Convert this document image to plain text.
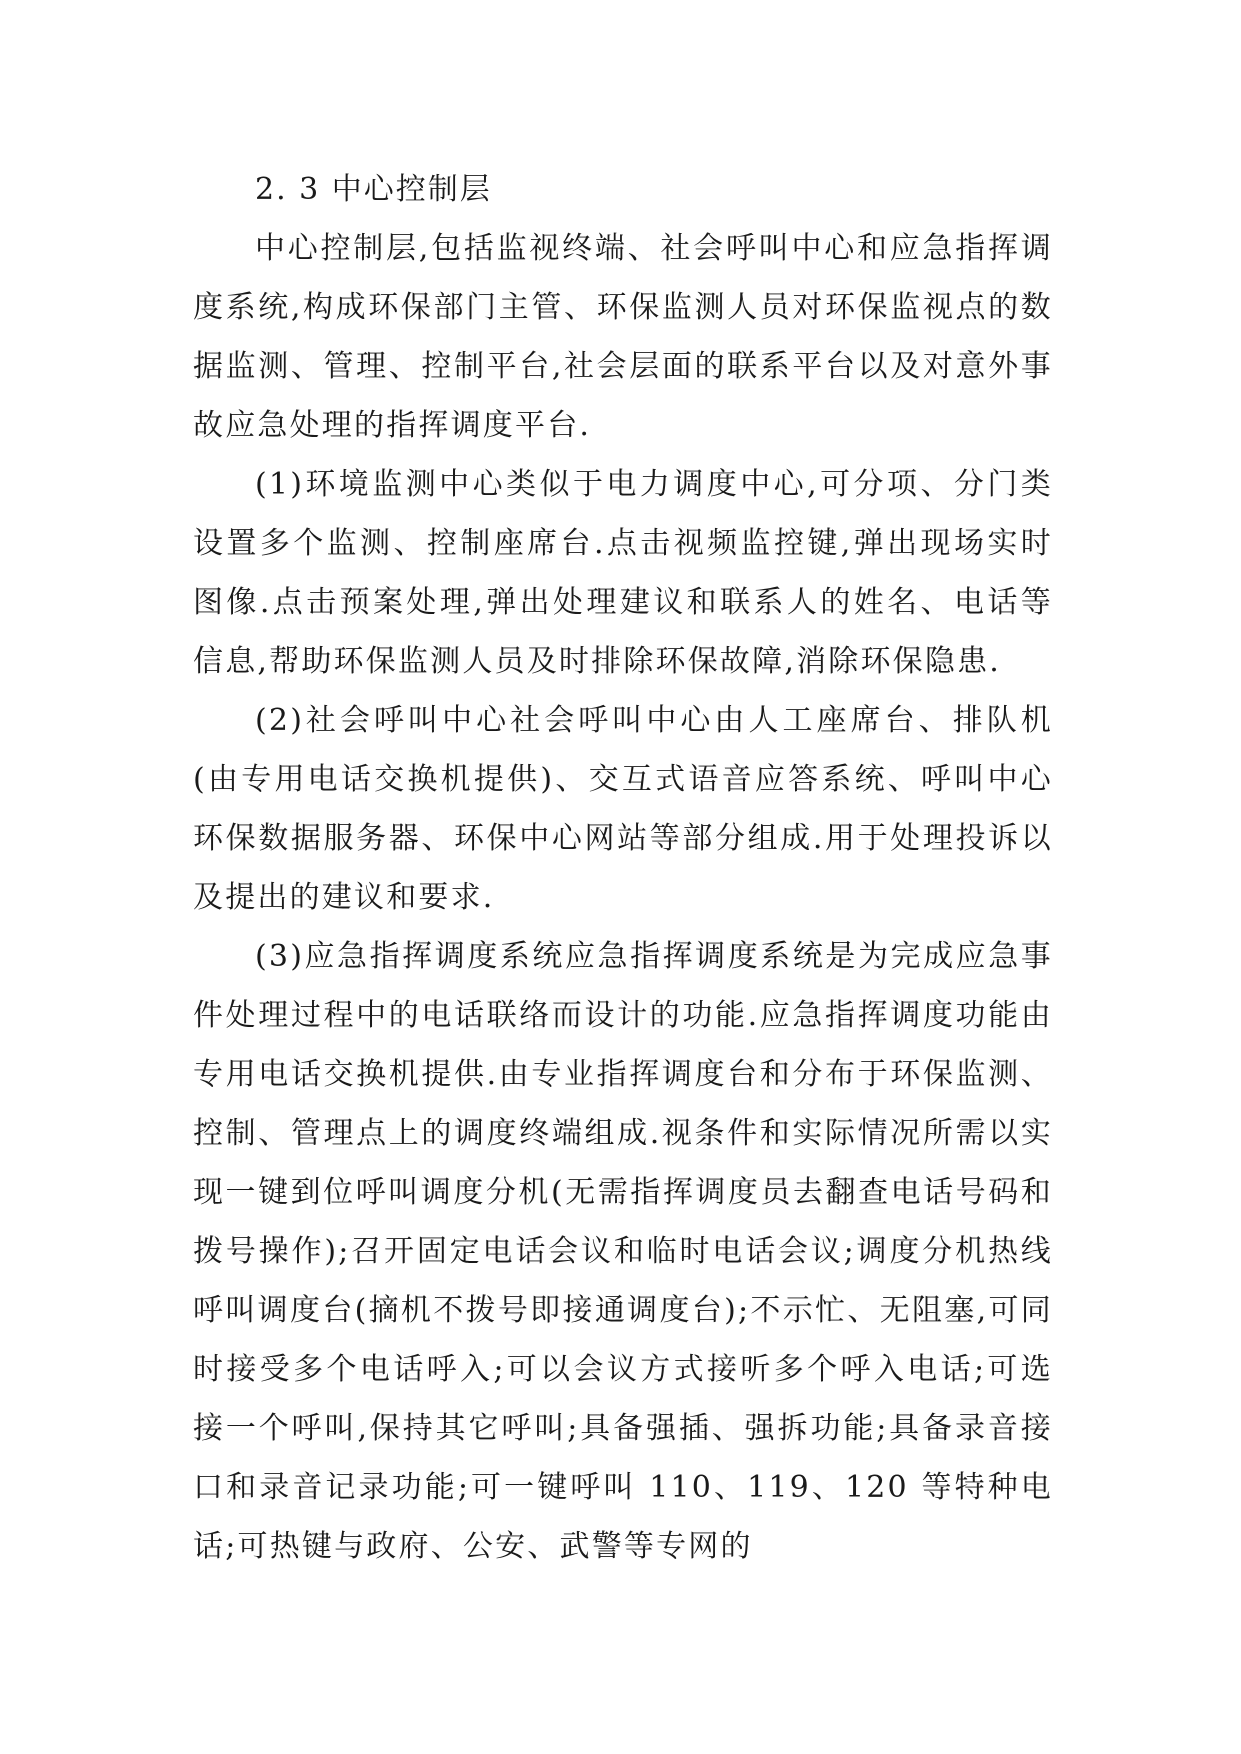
2. 3 中心控制层

中心控制层,包括监视终端、社会呼叫中心和应急指挥调度系统,构成环保部门主管、环保监测人员对环保监视点的数据监测、管理、控制平台,社会层面的联系平台以及对意外事故应急处理的指挥调度平台.

(1)环境监测中心类似于电力调度中心,可分项、分门类设置多个监测、控制座席台.点击视频监控键,弹出现场实时图像.点击预案处理,弹出处理建议和联系人的姓名、电话等信息,帮助环保监测人员及时排除环保故障,消除环保隐患.

(2)社会呼叫中心社会呼叫中心由人工座席台、排队机(由专用电话交换机提供)、交互式语音应答系统、呼叫中心环保数据服务器、环保中心网站等部分组成.用于处理投诉以及提出的建议和要求.

(3)应急指挥调度系统应急指挥调度系统是为完成应急事件处理过程中的电话联络而设计的功能.应急指挥调度功能由专用电话交换机提供.由专业指挥调度台和分布于环保监测、控制、管理点上的调度终端组成.视条件和实际情况所需以实现一键到位呼叫调度分机(无需指挥调度员去翻查电话号码和拨号操作);召开固定电话会议和临时电话会议;调度分机热线呼叫调度台(摘机不拨号即接通调度台);不示忙、无阻塞,可同时接受多个电话呼入;可以会议方式接听多个呼入电话;可选接一个呼叫,保持其它呼叫;具备强插、强拆功能;具备录音接口和录音记录功能;可一键呼叫 110、119、120 等特种电话;可热键与政府、公安、武警等专网的
